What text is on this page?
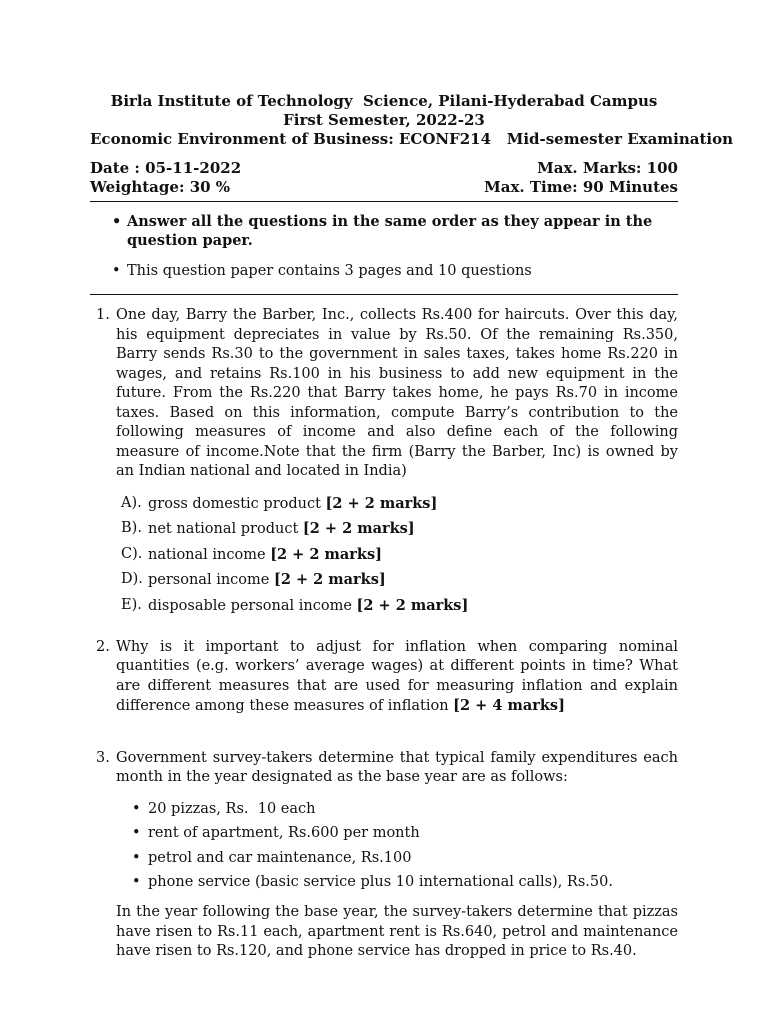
Birla Institute of Technology  Science, Pilani-Hyderabad Campus
First Semester, 2022-23
Economic Environment of Business: ECONF214   Mid-semester Examination
Date : 05-11-2022	Max. Marks: 100
Weightage: 30 %	Max. Time: 90 Minutes
• Answer all the questions in the same order as they appear in the question paper.
• This question paper contains 3 pages and 10 questions
1. One day, Barry the Barber, Inc., collects Rs.400 for haircuts. Over this day, his equipment depreciates in value by Rs.50. Of the remaining Rs.350, Barry sends Rs.30 to the government in sales taxes, takes home Rs.220 in wages, and retains Rs.100 in his business to add new equipment in the future. From the Rs.220 that Barry takes home, he pays Rs.70 in income taxes. Based on this information, compute Barry’s contribution to the following measures of income and also define each of the following measure of income.Note that the firm (Barry the Barber, Inc) is owned by an Indian national and located in India)
A). gross domestic product [2 + 2 marks]
B). net national product [2 + 2 marks]
C). national income [2 + 2 marks]
D). personal income [2 + 2 marks]
E). disposable personal income [2 + 2 marks]
2. Why is it important to adjust for inflation when comparing nominal quantities (e.g. workers’ average wages) at different points in time? What are different measures that are used for measuring inflation and explain difference among these measures of inflation [2 + 4 marks]
3. Government survey-takers determine that typical family expenditures each month in the year designated as the base year are as follows:
• 20 pizzas, Rs.  10 each
• rent of apartment, Rs.600 per month
• petrol and car maintenance, Rs.100
• phone service (basic service plus 10 international calls), Rs.50.
In the year following the base year, the survey-takers determine that pizzas have risen to Rs.11 each, apartment rent is Rs.640, petrol and maintenance have risen to Rs.120, and phone service has dropped in price to Rs.40.
